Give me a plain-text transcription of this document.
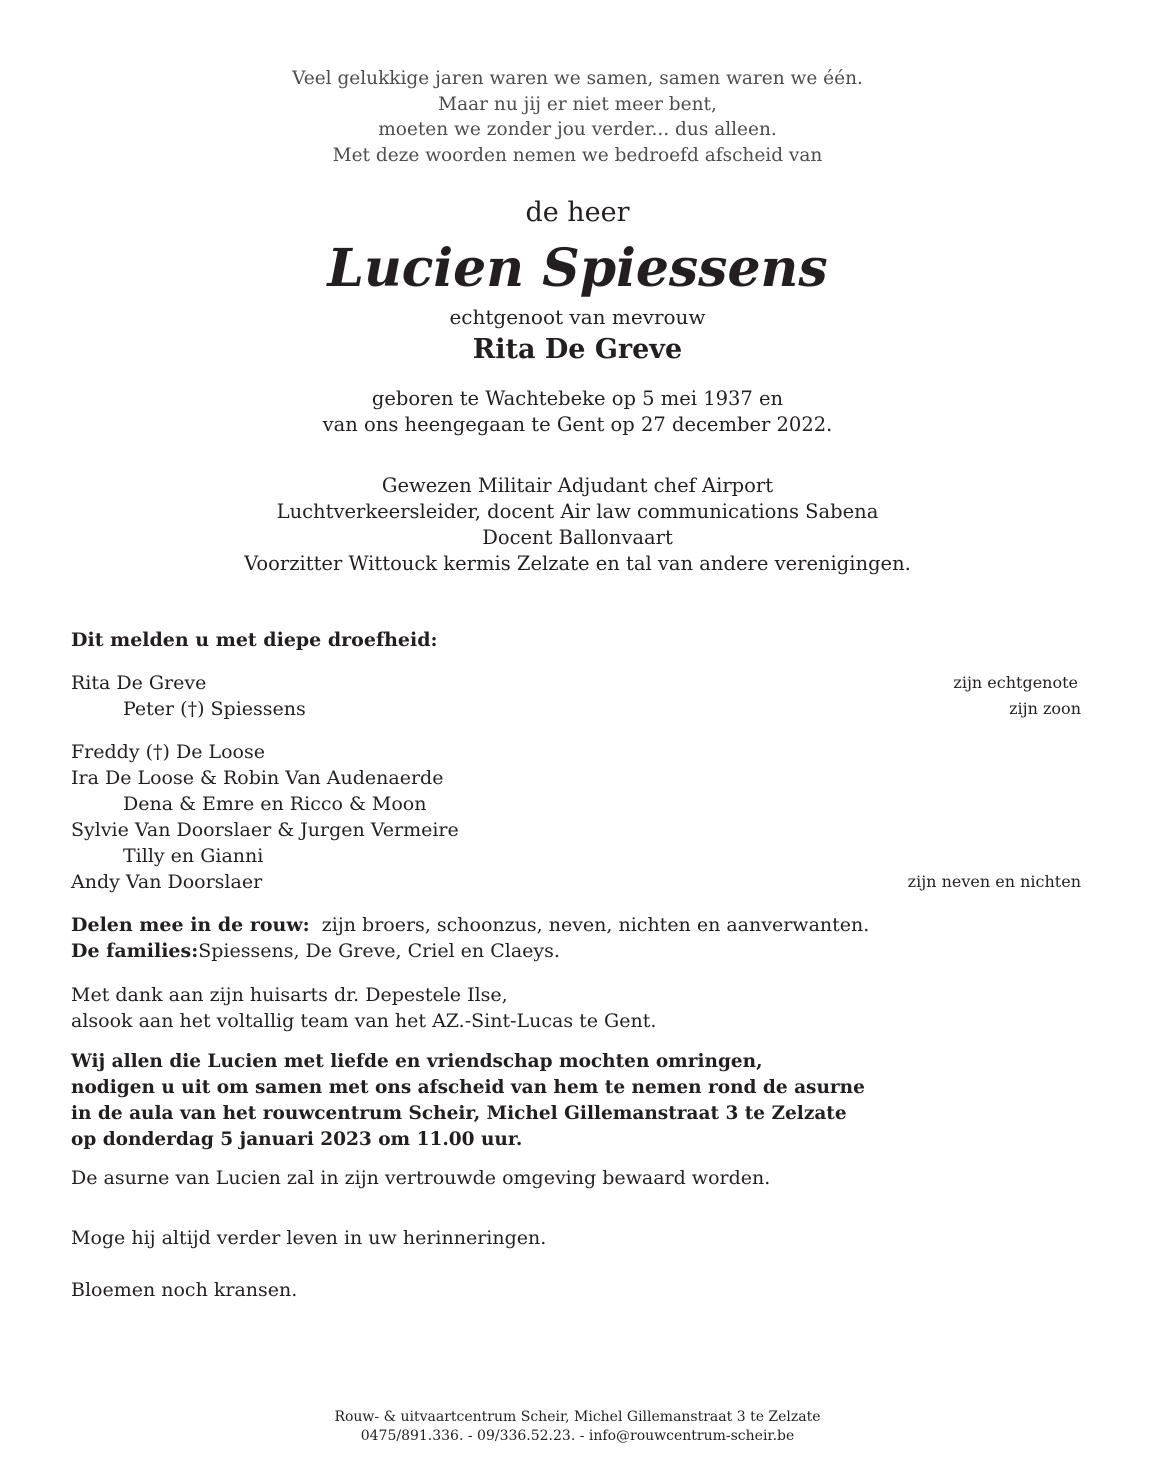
Veel gelukkige jaren waren we samen, samen waren we één.
Maar nu jij er niet meer bent,
moeten we zonder jou verder... dus alleen.
Met deze woorden nemen we bedroefd afscheid van
de heer
Lucien Spiessens
echtgenoot van mevrouw
Rita De Greve
geboren te Wachtebeke op 5 mei 1937 en
van ons heengegaan te Gent op 27 december 2022.
Gewezen Militair Adjudant chef Airport
Luchtverkeersleider, docent Air law communications Sabena
Docent Ballonvaart
Voorzitter Wittouck kermis Zelzate en tal van andere verenigingen.
Dit melden u met diepe droefheid:
Rita De Greve	zijn echtgenote
Peter (†) Spiessens	zijn zoon
Freddy (†) De Loose
Ira De Loose & Robin Van Audenaerde
Dena & Emre en Ricco & Moon
Sylvie Van Doorslaer & Jurgen Vermeire
Tilly en Gianni
Andy Van Doorslaer	zijn neven en nichten
Delen mee in de rouw: zijn broers, schoonzus, neven, nichten en aanverwanten.
De families:Spiessens, De Greve, Criel en Claeys.
Met dank aan zijn huisarts dr. Depestele Ilse,
alsook aan het voltallig team van het AZ.-Sint-Lucas te Gent.
Wij allen die Lucien met liefde en vriendschap mochten omringen,
nodigen u uit om samen met ons afscheid van hem te nemen rond de asurne
in de aula van het rouwcentrum Scheir, Michel Gillemanstraat 3 te Zelzate
op donderdag 5 januari 2023 om 11.00 uur.
De asurne van Lucien zal in zijn vertrouwde omgeving bewaard worden.
Moge hij altijd verder leven in uw herinneringen.
Bloemen noch kransen.
Rouw- & uitvaartcentrum Scheir, Michel Gillemanstraat 3 te Zelzate
0475/891.336. - 09/336.52.23. - info@rouwcentrum-scheir.be
